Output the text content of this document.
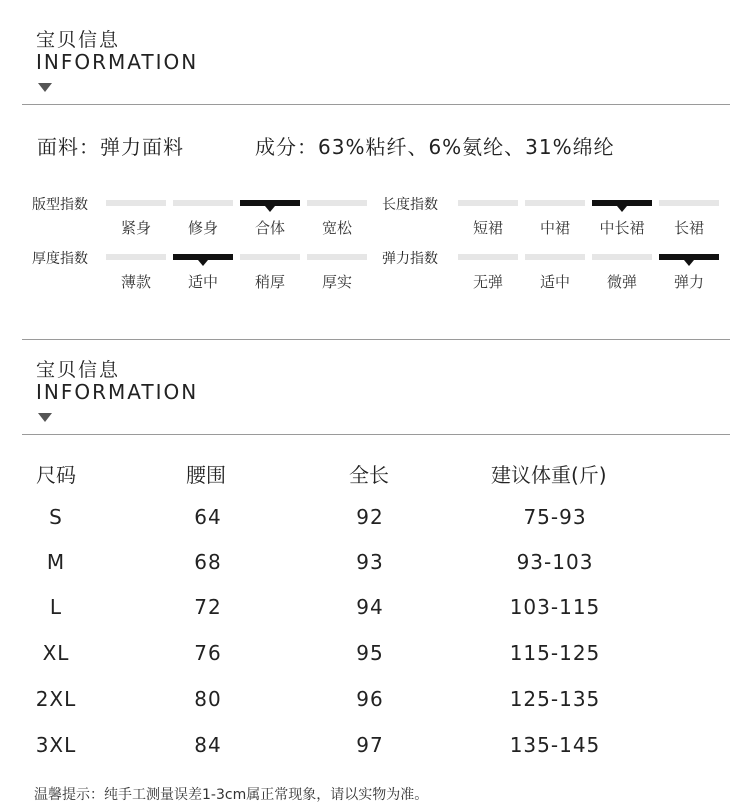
宝贝信息
INFORMATION
面料：弹力面料	成分：63%粘纤、6%氨纶、31%绵纶
版型指数
紧身	修身	合体	宽松
长度指数
短裙	中裙	中长裙	长裙
厚度指数
薄款	适中	稍厚	厚实
弹力指数
无弹	适中	微弹	弹力
宝贝信息
INFORMATION
尺码	腰围	全长	建议体重(斤)
S	64	92	75-93
M	68	93	93-103
L	72	94	103-115
XL	76	95	115-125
2XL	80	96	125-135
3XL	84	97	135-145
温馨提示：纯手工测量误差1-3cm属正常现象，请以实物为准。
